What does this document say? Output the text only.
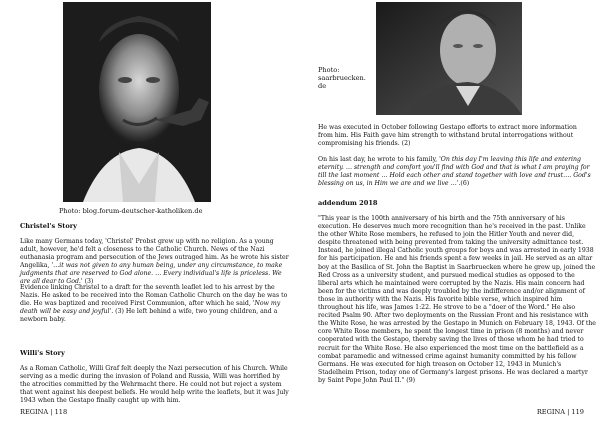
Photo: blog.forum-deutscher-katholiken.de
Christel's Story

Like many Germans today, 'Christel' Probst grew up with no religion. As a young adult, however, he'd felt a closeness to the Catholic Church. News of the Nazi euthanasia program and persecution of the Jews outraged him. As he wrote his sister Angelika, '…it was not given to any human being, under any circumstance, to make judgments that are reserved to God alone. … Every individual's life is priceless. We are all dear to God.' (3)

Evidence linking Christel to a draft for the seventh leaflet led to his arrest by the Nazis. He asked to be received into the Roman Catholic Church on the day he was to die. He was baptized and received First Communion, after which he said, 'Now my death will be easy and joyful'. (3) He left behind a wife, two young children, and a newborn baby.

Willi's Story

As a Roman Catholic, Willi Graf felt deeply the Nazi persecution of his Church. While serving as a medic during the invasion of Poland and Russia, Willi was horrified by the atrocities committed by the Wehrmacht there. He could not but reject a system that went against his deepest beliefs. He would help write the leaflets, but it was July 1943 when the Gestapo finally caught up with him.

REGINA | 118
Photo: saarbruecken. de

He was executed in October following Gestapo efforts to extract more information from him. His Faith gave him strength to withstand brutal interrogations without compromising his friends. (2)

On his last day, he wrote to his family, 'On this day I'm leaving this life and entering eternity. … strength and comfort you'll find with God and that is what I am praying for till the last moment … Hold each other and stand together with love and trust…. God's blessing on us, in Him we are and we live …'.(6)

addendum 2018

"This year is the 100th anniversary of his birth and the 75th anniversary of his execution. He deserves much more recognition than he's received in the past. Unlike the other White Rose members, he refused to join the Hitler Youth and never did, despite threatened with being prevented from taking the university admittance test. Instead, he joined illegal Catholic youth groups for boys and was arrested in early 1938 for his participation. He and his friends spent a few weeks in jail. He served as an altar boy at the Basilica of St. John the Baptist in Saarbruecken where he grew up, joined the Red Cross as a university student, and pursued medical studies as opposed to the liberal arts which he maintained were corrupted by the Nazis. His main concern had been for the victims and was deeply troubled by the indifference and/or alignment of those in authority with the Nazis. His favorite bible verse, which inspired him throughout his life, was James 1:22. He strove to be a "doer of the Word." He also recited Psalm 90. After two deployments on the Russian Front and his resistance with the White Rose, he was arrested by the Gestapo in Munich on February 18, 1943. Of the core White Rose members, he spent the longest time in prison (8 months) and never cooperated with the Gestapo, thereby saving the lives of those whom he had tried to recruit for the White Rose. He also experienced the most time on the battlefield as a combat paramedic and witnessed crime against humanity committed by his fellow Germans. He was executed for high treason on October 12, 1943 in Munich's Stadelheim Prison, today one of Germany's largest prisons. He was declared a martyr by Saint Pope John Paul II." (9)

REGINA | 119
